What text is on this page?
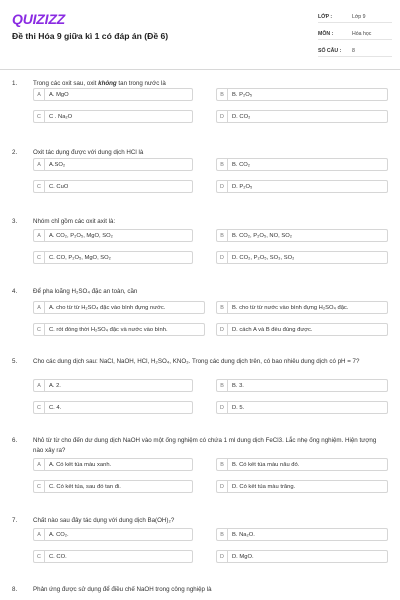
QUIZIZZ
Đề thi Hóa 9 giữa kì 1 có đáp án (Đề 6)
LỚP :	Lớp 9
MÔN :	Hóa học
SỐ CÂU :	8
1.	Trong các oxit sau, oxit không tan trong nước là
A	A. MgO	B	B. P₂O₅
C	C . Na₂O	D	D. CO₂
2.	Oxit tác dụng được với dung dịch HCl là
A	A.SO₂	B	B. CO₂
C	C. CuO	D	D. P₂O₅
3.	Nhóm chỉ gồm các oxit axit là:
A	A. CO₂, P₂O₅, MgO, SO₂	B	B. CO₂, P₂O₅, NO, SO₂
C	C. CO, P₂O₅, MgO, SO₂	D	D. CO₂, P₂O₅, SO₃, SO₂
4.	Để pha loãng H₂SO₄ đặc an toàn, cần
A	A. cho từ từ H₂SO₄ đặc vào bình đựng nước.	B	B. cho từ từ nước vào bình đựng H₂SO₄ đặc.
C	C. rót đồng thời H₂SO₄ đặc và nước vào bình.	D	D. cách A và B đều đúng được.
5.	Cho các dung dịch sau: NaCl, NaOH, HCl, H₂SO₄, KNO₃. Trong các dung dịch trên, có bao nhiêu dung dịch có pH = 7?
A	A. 2.	B	B. 3.
C	C. 4.	D	D. 5.
6.	Nhỏ từ từ cho đến dư dung dịch NaOH vào một ống nghiệm có chứa 1 ml dung dịch FeCl3. Lắc nhẹ ống nghiệm. Hiện tượng nào xảy ra?
A	A. Có kết tủa màu xanh.	B	B. Có kết tủa màu nâu đỏ.
C	C. Có kết tủa, sau đó tan đi.	D	D. Có kết tủa màu trắng.
7.	Chất nào sau đây tác dụng với dung dịch Ba(OH)₂?
A	A. CO₂.	B	B. Na₂O.
C	C. CO.	D	D. MgO.
8.	Phản ứng được sử dụng để điều chế NaOH trong công nghiệp là
